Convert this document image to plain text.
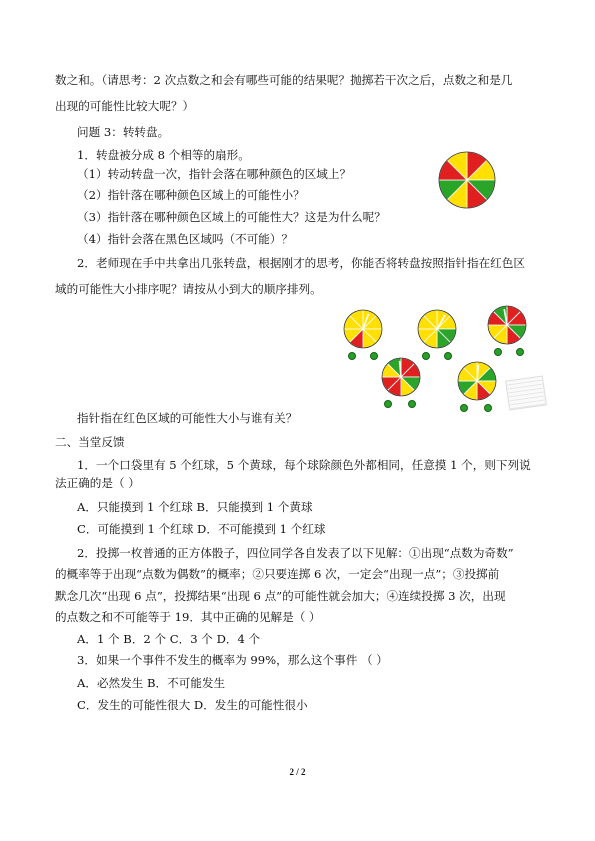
数之和。（请思考：2 次点数之和会有哪些可能的结果呢？抛掷若干次之后，点数之和是几
出现的可能性比较大呢？）
问题 3：转转盘。
1．转盘被分成 8 个相等的扇形。
（1）转动转盘一次，指针会落在哪种颜色的区域上？
（2）指针落在哪种颜色区域上的可能性小？
（3）指针落在哪种颜色区域上的可能性大？这是为什么呢？
（4）指针会落在黑色区域吗（不可能）？
2．老师现在手中共拿出几张转盘，根据刚才的思考，你能否将转盘按照指针指在红色区
域的可能性大小排序呢？请按从小到大的顺序排列。
指针指在红色区域的可能性大小与谁有关？
二、当堂反馈
1．一个口袋里有 5 个红球，5 个黄球，每个球除颜色外都相同，任意摸 1 个，则下列说
法正确的是（ ）
A．只能摸到 1 个红球 B．只能摸到 1 个黄球
C．可能摸到 1 个红球 D．不可能摸到 1 个红球
2．投掷一枚普通的正方体骰子，四位同学各自发表了以下见解：①出现“点数为奇数”
的概率等于出现“点数为偶数”的概率；②只要连掷 6 次，一定会“出现一点”；③投掷前
默念几次“出现 6 点”，投掷结果“出现 6 点”的可能性就会加大；④连续投掷 3 次，出现
的点数之和不可能等于 19．其中正确的见解是（ ）
A．1 个 B．2 个 C．3 个 D．4 个
3．如果一个事件不发生的概率为 99%，那么这个事件 （ ）
A．必然发生 B．不可能发生
C．发生的可能性很大 D．发生的可能性很小
2 / 2
